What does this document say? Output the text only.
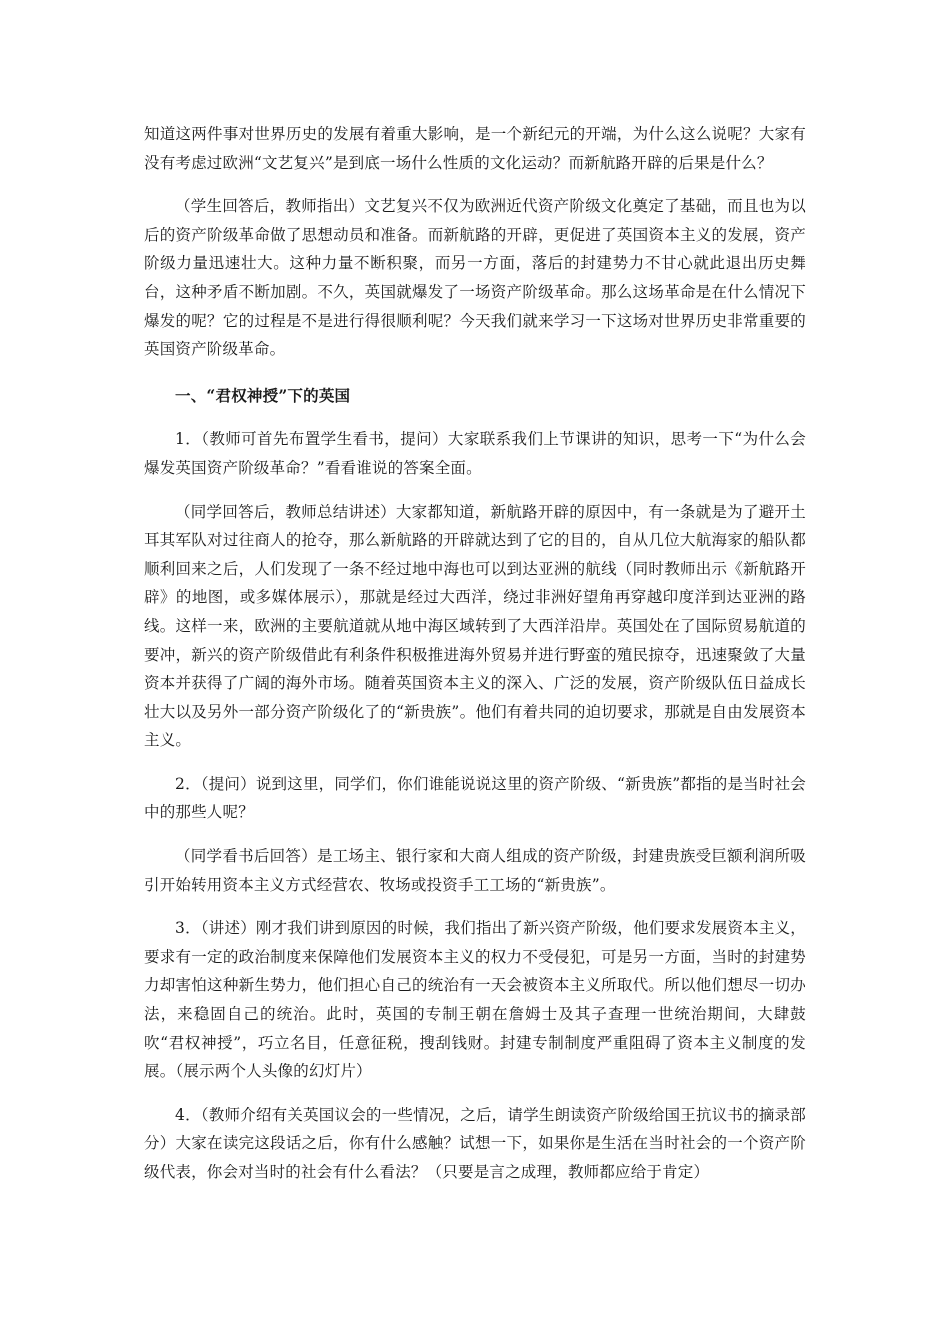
知道这两件事对世界历史的发展有着重大影响，是一个新纪元的开端，为什么这么说呢？大家有没有考虑过欧洲“文艺复兴”是到底一场什么性质的文化运动？而新航路开辟的后果是什么？

（学生回答后，教师指出）文艺复兴不仅为欧洲近代资产阶级文化奠定了基础，而且也为以后的资产阶级革命做了思想动员和准备。而新航路的开辟，更促进了英国资本主义的发展，资产阶级力量迅速壮大。这种力量不断积聚，而另一方面，落后的封建势力不甘心就此退出历史舞台，这种矛盾不断加剧。不久，英国就爆发了一场资产阶级革命。那么这场革命是在什么情况下爆发的呢？它的过程是不是进行得很顺利呢？今天我们就来学习一下这场对世界历史非常重要的英国资产阶级革命。

一、“君权神授”下的英国

1．（教师可首先布置学生看书，提问）大家联系我们上节课讲的知识，思考一下“为什么会爆发英国资产阶级革命？”看看谁说的答案全面。

（同学回答后，教师总结讲述）大家都知道，新航路开辟的原因中，有一条就是为了避开土耳其军队对过往商人的抢夺，那么新航路的开辟就达到了它的目的，自从几位大航海家的船队都顺利回来之后，人们发现了一条不经过地中海也可以到达亚洲的航线（同时教师出示《新航路开辟》的地图，或多媒体展示），那就是经过大西洋，绕过非洲好望角再穿越印度洋到达亚洲的路线。这样一来，欧洲的主要航道就从地中海区域转到了大西洋沿岸。英国处在了国际贸易航道的要冲，新兴的资产阶级借此有利条件积极推进海外贸易并进行野蛮的殖民掠夺，迅速聚敛了大量资本并获得了广阔的海外市场。随着英国资本主义的深入、广泛的发展，资产阶级队伍日益成长壮大以及另外一部分资产阶级化了的“新贵族”。他们有着共同的迫切要求，那就是自由发展资本主义。

2．（提问）说到这里，同学们，你们谁能说说这里的资产阶级、“新贵族”都指的是当时社会中的那些人呢？

（同学看书后回答）是工场主、银行家和大商人组成的资产阶级，封建贵族受巨额利润所吸引开始转用资本主义方式经营农、牧场或投资手工工场的“新贵族”。

3．（讲述）刚才我们讲到原因的时候，我们指出了新兴资产阶级，他们要求发展资本主义，要求有一定的政治制度来保障他们发展资本主义的权力不受侵犯，可是另一方面，当时的封建势力却害怕这种新生势力，他们担心自己的统治有一天会被资本主义所取代。所以他们想尽一切办法，来稳固自己的统治。此时，英国的专制王朝在詹姆士及其子查理一世统治期间，大肆鼓吹“君权神授”，巧立名目，任意征税，搜刮钱财。封建专制制度严重阻碍了资本主义制度的发展。（展示两个人头像的幻灯片）

4．（教师介绍有关英国议会的一些情况，之后，请学生朗读资产阶级给国王抗议书的摘录部分）大家在读完这段话之后，你有什么感触？试想一下，如果你是生活在当时社会的一个资产阶级代表，你会对当时的社会有什么看法？（只要是言之成理，教师都应给于肯定）
